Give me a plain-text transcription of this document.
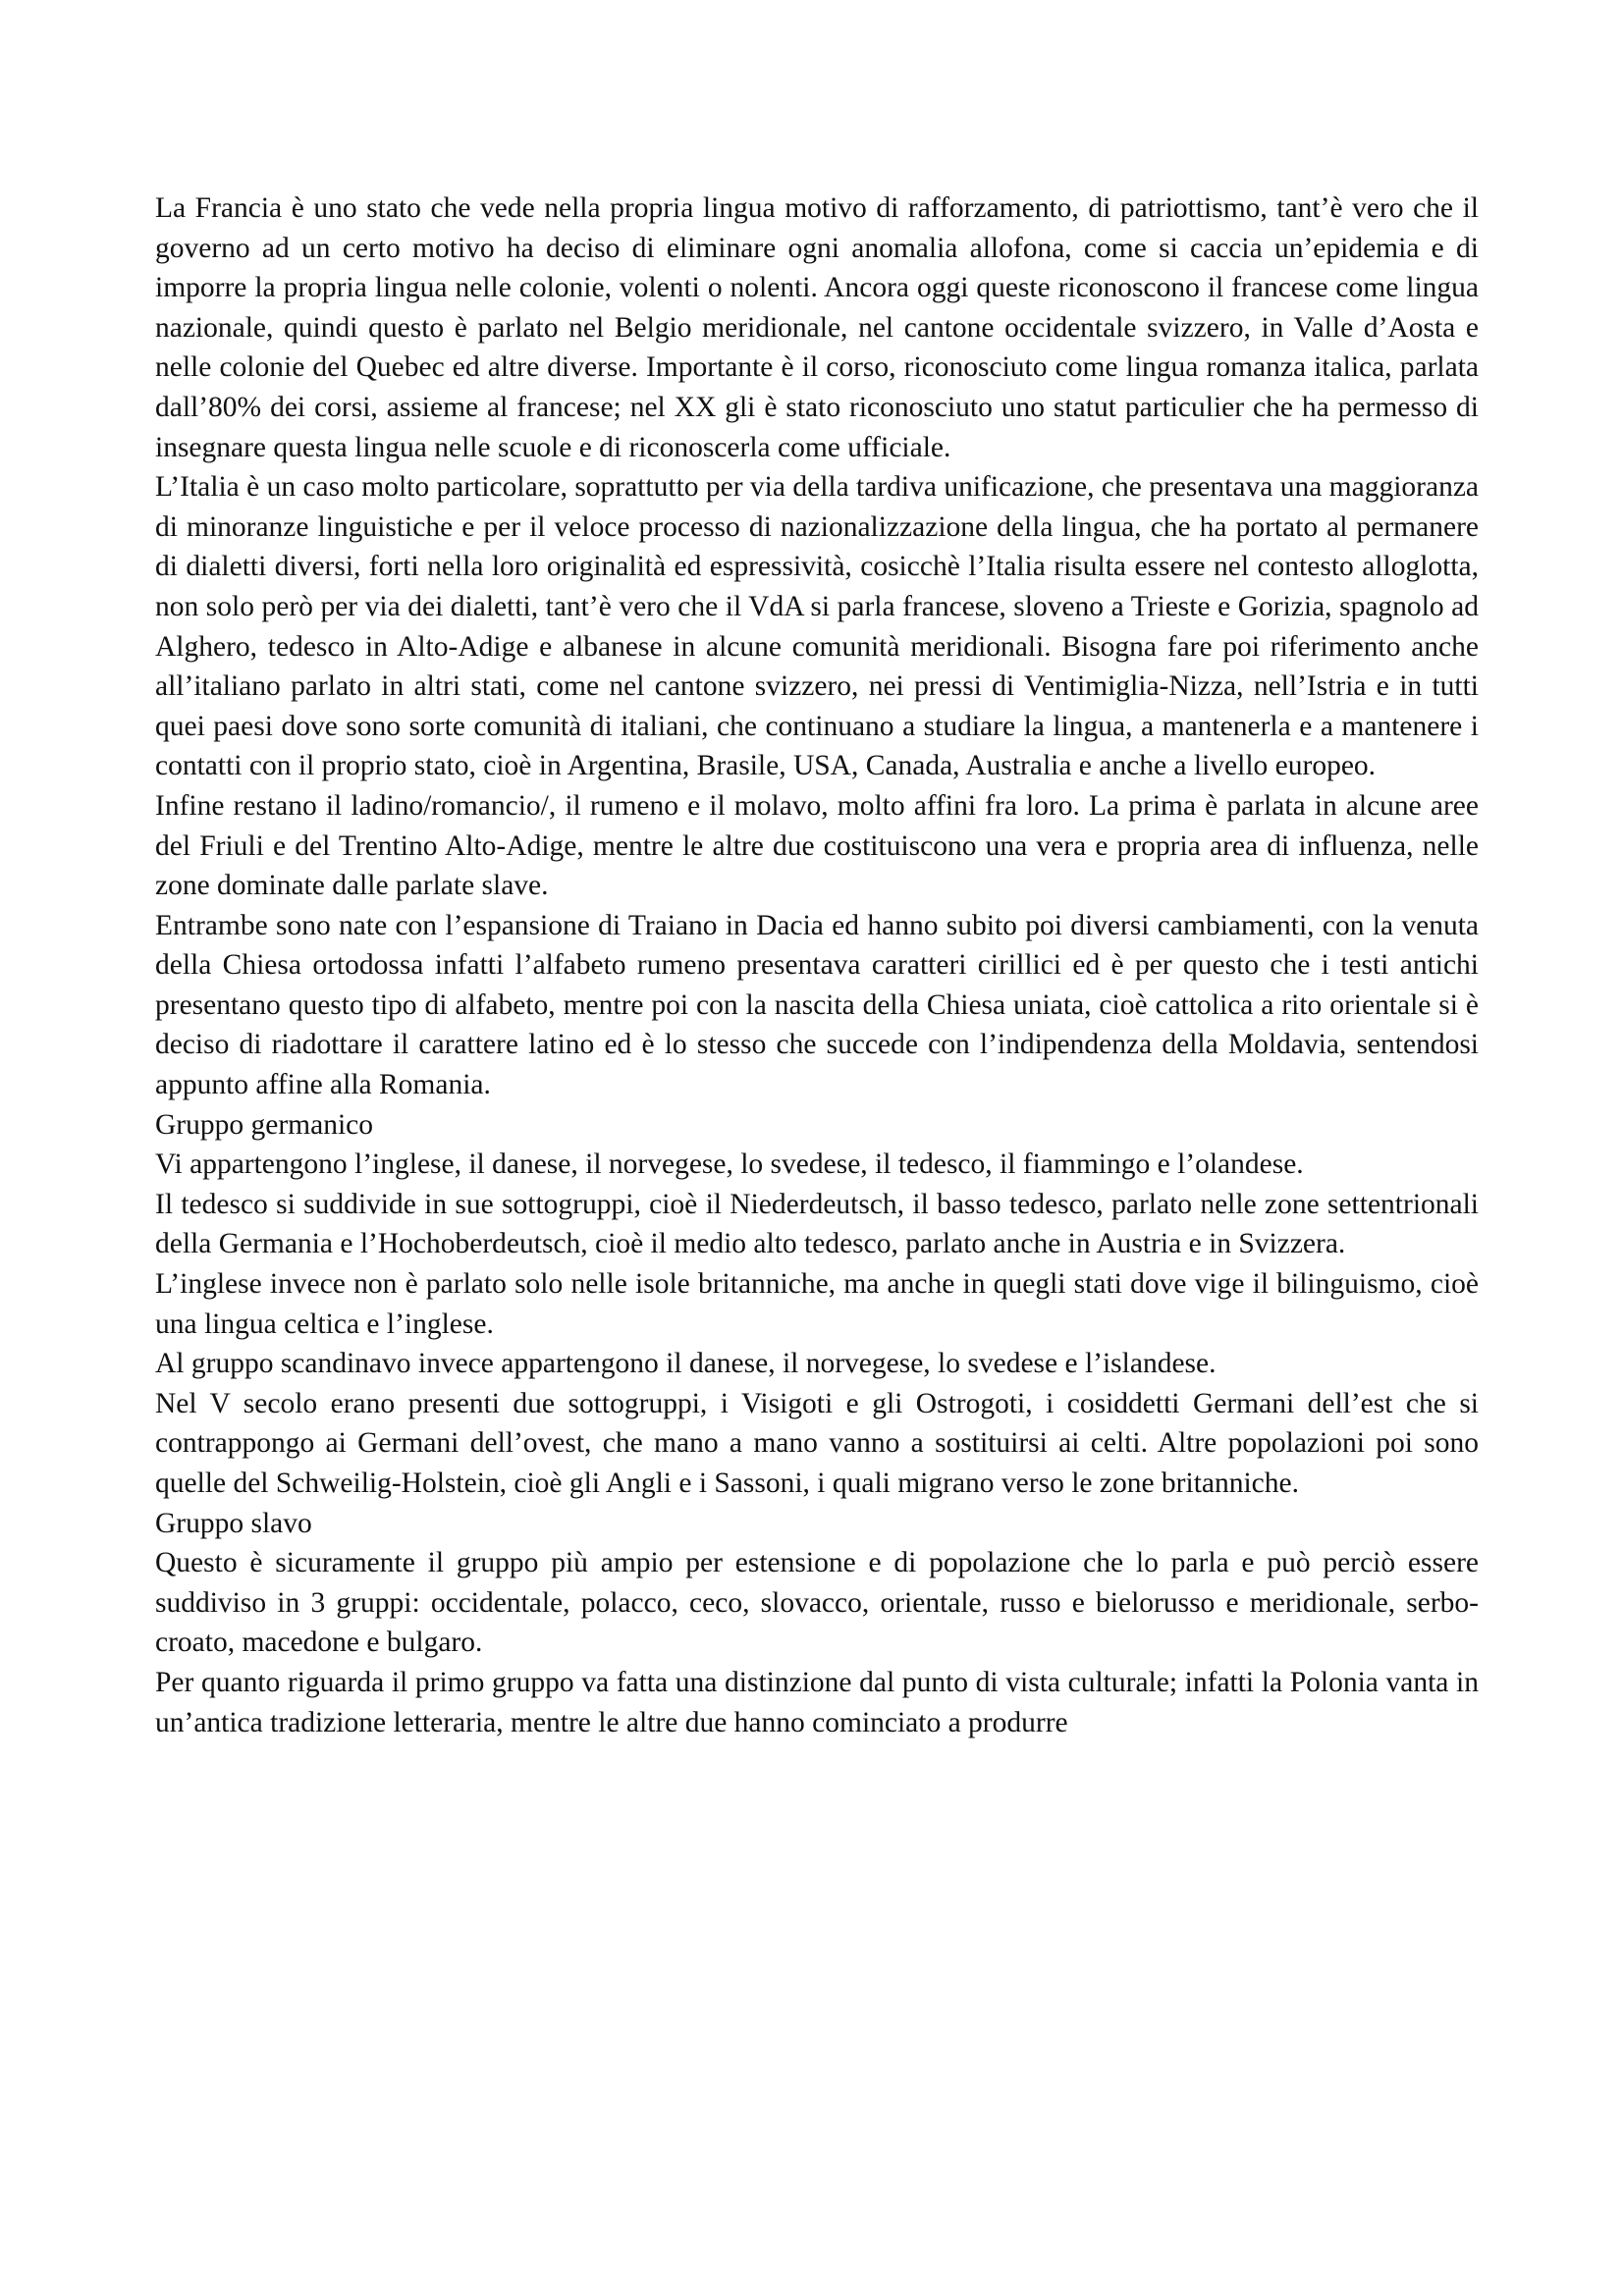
La Francia è uno stato che vede nella propria lingua motivo di rafforzamento, di patriottismo, tant’è vero che il governo ad un certo motivo ha deciso di eliminare ogni anomalia allofona, come si caccia un’epidemia e di imporre la propria lingua nelle colonie, volenti o nolenti. Ancora oggi queste riconoscono il francese come lingua nazionale, quindi questo è parlato nel Belgio meridionale, nel cantone occidentale svizzero, in Valle d’Aosta e nelle colonie del Quebec ed altre diverse. Importante è il corso, riconosciuto come lingua romanza italica, parlata dall’80% dei corsi, assieme al francese; nel XX gli è stato riconosciuto uno statut particulier che ha permesso di insegnare questa lingua nelle scuole e di riconoscerla come ufficiale.

L’Italia è un caso molto particolare, soprattutto per via della tardiva unificazione, che presentava una maggioranza di minoranze linguistiche e per il veloce processo di nazionalizzazione della lingua, che ha portato al permanere di dialetti diversi, forti nella loro originalità ed espressività, cosicchè l’Italia risulta essere nel contesto alloglotta, non solo però per via dei dialetti, tant’è vero che il VdA si parla francese, sloveno a Trieste e Gorizia, spagnolo ad Alghero, tedesco in Alto-Adige e albanese in alcune comunità meridionali. Bisogna fare poi riferimento anche all’italiano parlato in altri stati, come nel cantone svizzero, nei pressi di Ventimiglia-Nizza, nell’Istria e in tutti quei paesi dove sono sorte comunità di italiani, che continuano a studiare la lingua, a mantenerla e a mantenere i contatti con il proprio stato, cioè in Argentina, Brasile, USA, Canada, Australia e anche a livello europeo.

Infine restano il ladino/romancio/, il rumeno e il molavo, molto affini fra loro. La prima è parlata in alcune aree del Friuli e del Trentino Alto-Adige, mentre le altre due costituiscono una vera e propria area di influenza, nelle zone dominate dalle parlate slave.

Entrambe sono nate con l’espansione di Traiano in Dacia ed hanno subito poi diversi cambiamenti, con la venuta della Chiesa ortodossa infatti l’alfabeto rumeno presentava caratteri cirillici ed è per questo che i testi antichi presentano questo tipo di alfabeto, mentre poi con la nascita della Chiesa uniata, cioè cattolica a rito orientale si è deciso di riadottare il carattere latino ed è lo stesso che succede con l’indipendenza della Moldavia, sentendosi appunto affine alla Romania.

Gruppo germanico

Vi appartengono l’inglese, il danese, il norvegese, lo svedese, il tedesco, il fiammingo e l’olandese.

Il tedesco si suddivide in sue sottogruppi, cioè il Niederdeutsch, il basso tedesco, parlato nelle zone settentrionali della Germania e l’Hochoberdeutsch, cioè il medio alto tedesco, parlato anche in Austria e in Svizzera.

L’inglese invece non è parlato solo nelle isole britanniche, ma anche in quegli stati dove vige il bilinguismo, cioè una lingua celtica e l’inglese.

Al gruppo scandinavo invece appartengono il danese, il norvegese, lo svedese e l’islandese.

Nel V secolo erano presenti due sottogruppi, i Visigoti e gli Ostrogoti, i cosiddetti Germani dell’est che si contrappongo ai Germani dell’ovest, che mano a mano vanno a sostituirsi ai celti. Altre popolazioni poi sono quelle del Schweilig-Holstein, cioè gli Angli e i Sassoni, i quali migrano verso le zone britanniche.

Gruppo slavo

Questo è sicuramente il gruppo più ampio per estensione e di popolazione che lo parla e può perciò essere suddiviso in 3 gruppi: occidentale, polacco, ceco, slovacco, orientale, russo e bielorusso e meridionale, serbo-croato, macedone e bulgaro.

Per quanto riguarda il primo gruppo va fatta una distinzione dal punto di vista culturale; infatti la Polonia vanta in un’antica tradizione letteraria, mentre le altre due hanno cominciato a produrre
